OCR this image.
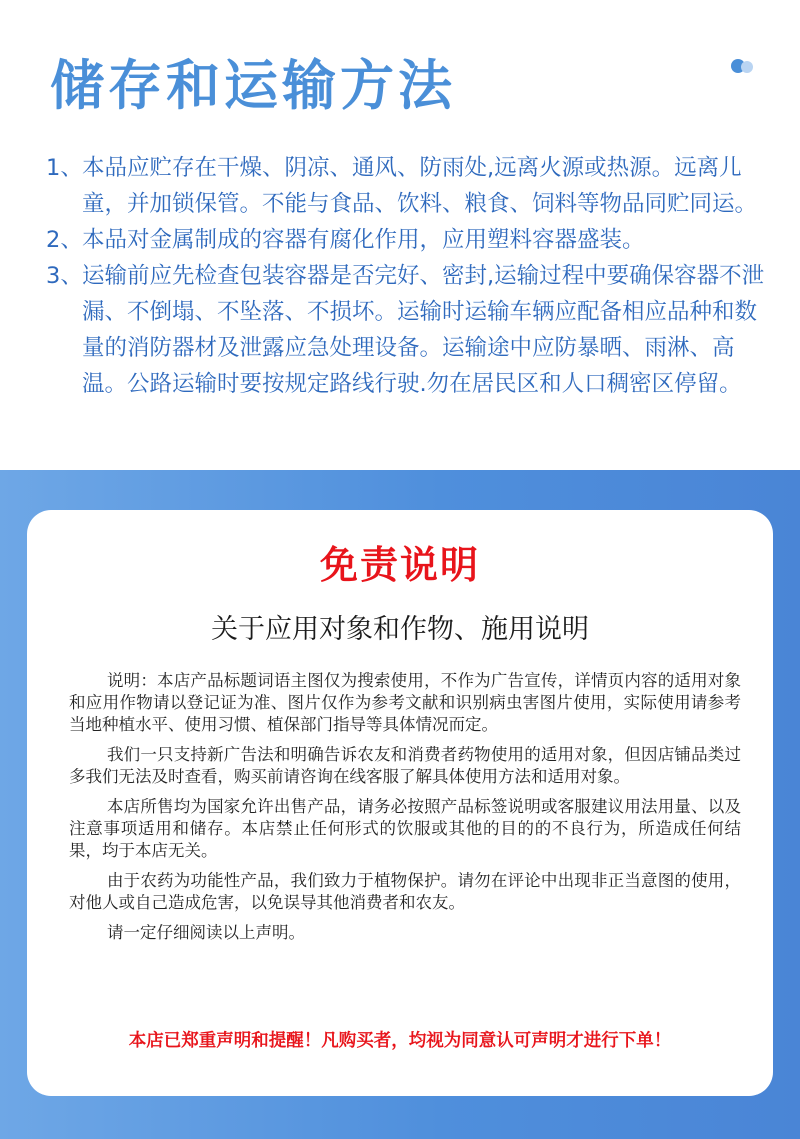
储存和运输方法
1、 本品应贮存在干燥、阴凉、通风、防雨处,远离火源或热源。远离儿童，并加锁保管。不能与食品、饮料、粮食、饲料等物品同贮同运。
2、 本品对金属制成的容器有腐化作用，应用塑料容器盛装。
3、 运输前应先检查包装容器是否完好、密封,运输过程中要确保容器不泄漏、不倒塌、不坠落、不损坏。运输时运输车辆应配备相应品种和数量的消防器材及泄露应急处理设备。运输途中应防暴晒、雨淋、高温。公路运输时要按规定路线行驶.勿在居民区和人口稠密区停留。
免责说明
关于应用对象和作物、施用说明

说明：本店产品标题词语主图仅为搜索使用，不作为广告宣传，详情页内容的适用对象和应用作物请以登记证为准、图片仅作为参考文献和识别病虫害图片使用，实际使用请参考当地种植水平、使用习惯、植保部门指导等具体情况而定。

我们一只支持新广告法和明确告诉农友和消费者药物使用的适用对象，但因店铺品类过多我们无法及时查看，购买前请咨询在线客服了解具体使用方法和适用对象。

本店所售均为国家允许出售产品，请务必按照产品标签说明或客服建议用法用量、以及注意事项适用和储存。本店禁止任何形式的饮服或其他的目的的不良行为，所造成任何结果，均于本店无关。

由于农药为功能性产品，我们致力于植物保护。请勿在评论中出现非正当意图的使用，对他人或自己造成危害，以免误导其他消费者和农友。

请一定仔细阅读以上声明。

本店已郑重声明和提醒！凡购买者，均视为同意认可声明才进行下单！
